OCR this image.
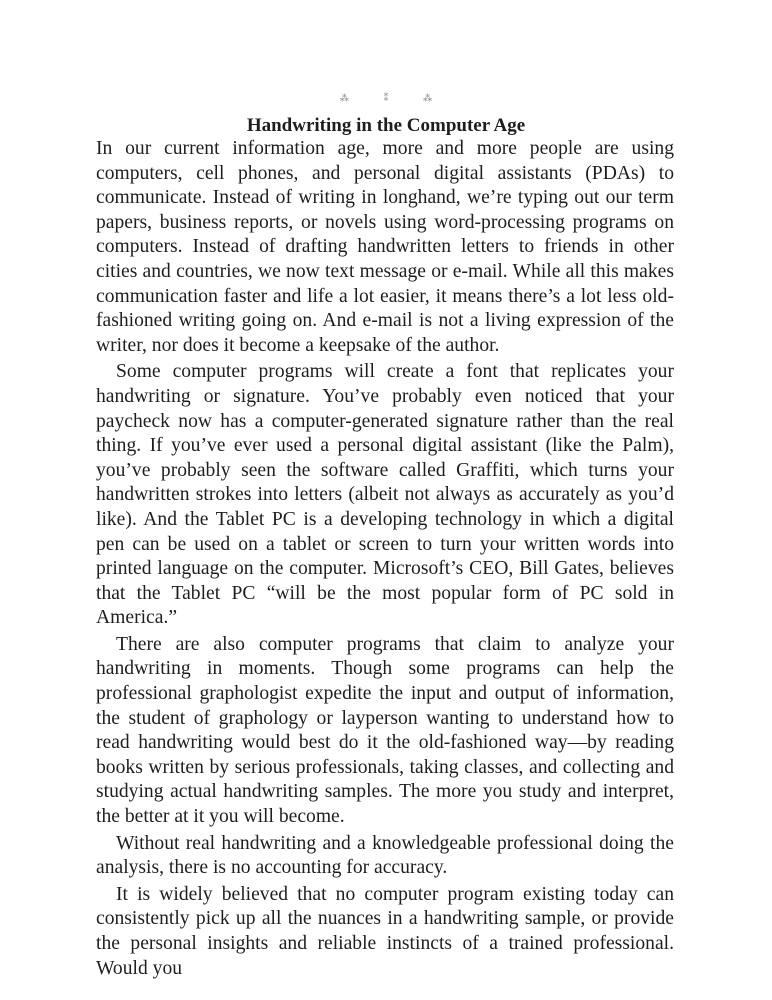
⁂	⁑	⁂
Handwriting in the Computer Age

In our current information age, more and more people are using computers, cell phones, and personal digital assistants (PDAs) to communicate. Instead of writing in longhand, we’re typing out our term papers, business reports, or novels using word-processing programs on computers. Instead of drafting handwritten letters to friends in other cities and countries, we now text message or e-mail. While all this makes communication faster and life a lot easier, it means there’s a lot less old-fashioned writing going on. And e-mail is not a living expression of the writer, nor does it become a keepsake of the author.

Some computer programs will create a font that replicates your handwriting or signature. You’ve probably even noticed that your paycheck now has a computer-generated signature rather than the real thing. If you’ve ever used a personal digital assistant (like the Palm), you’ve probably seen the software called Graffiti, which turns your handwritten strokes into letters (albeit not always as accurately as you’d like). And the Tablet PC is a developing technology in which a digital pen can be used on a tablet or screen to turn your written words into printed language on the computer. Microsoft’s CEO, Bill Gates, believes that the Tablet PC “will be the most popular form of PC sold in America.”

There are also computer programs that claim to analyze your handwriting in moments. Though some programs can help the professional graphologist expedite the input and output of information, the student of graphology or layperson wanting to understand how to read handwriting would best do it the old-fashioned way—by reading books written by serious professionals, taking classes, and collecting and studying actual handwriting samples. The more you study and interpret, the better at it you will become.

Without real handwriting and a knowledgeable professional doing the analysis, there is no accounting for accuracy.

It is widely believed that no computer program existing today can consistently pick up all the nuances in a handwriting sample, or provide the personal insights and reliable instincts of a trained professional. Would you
